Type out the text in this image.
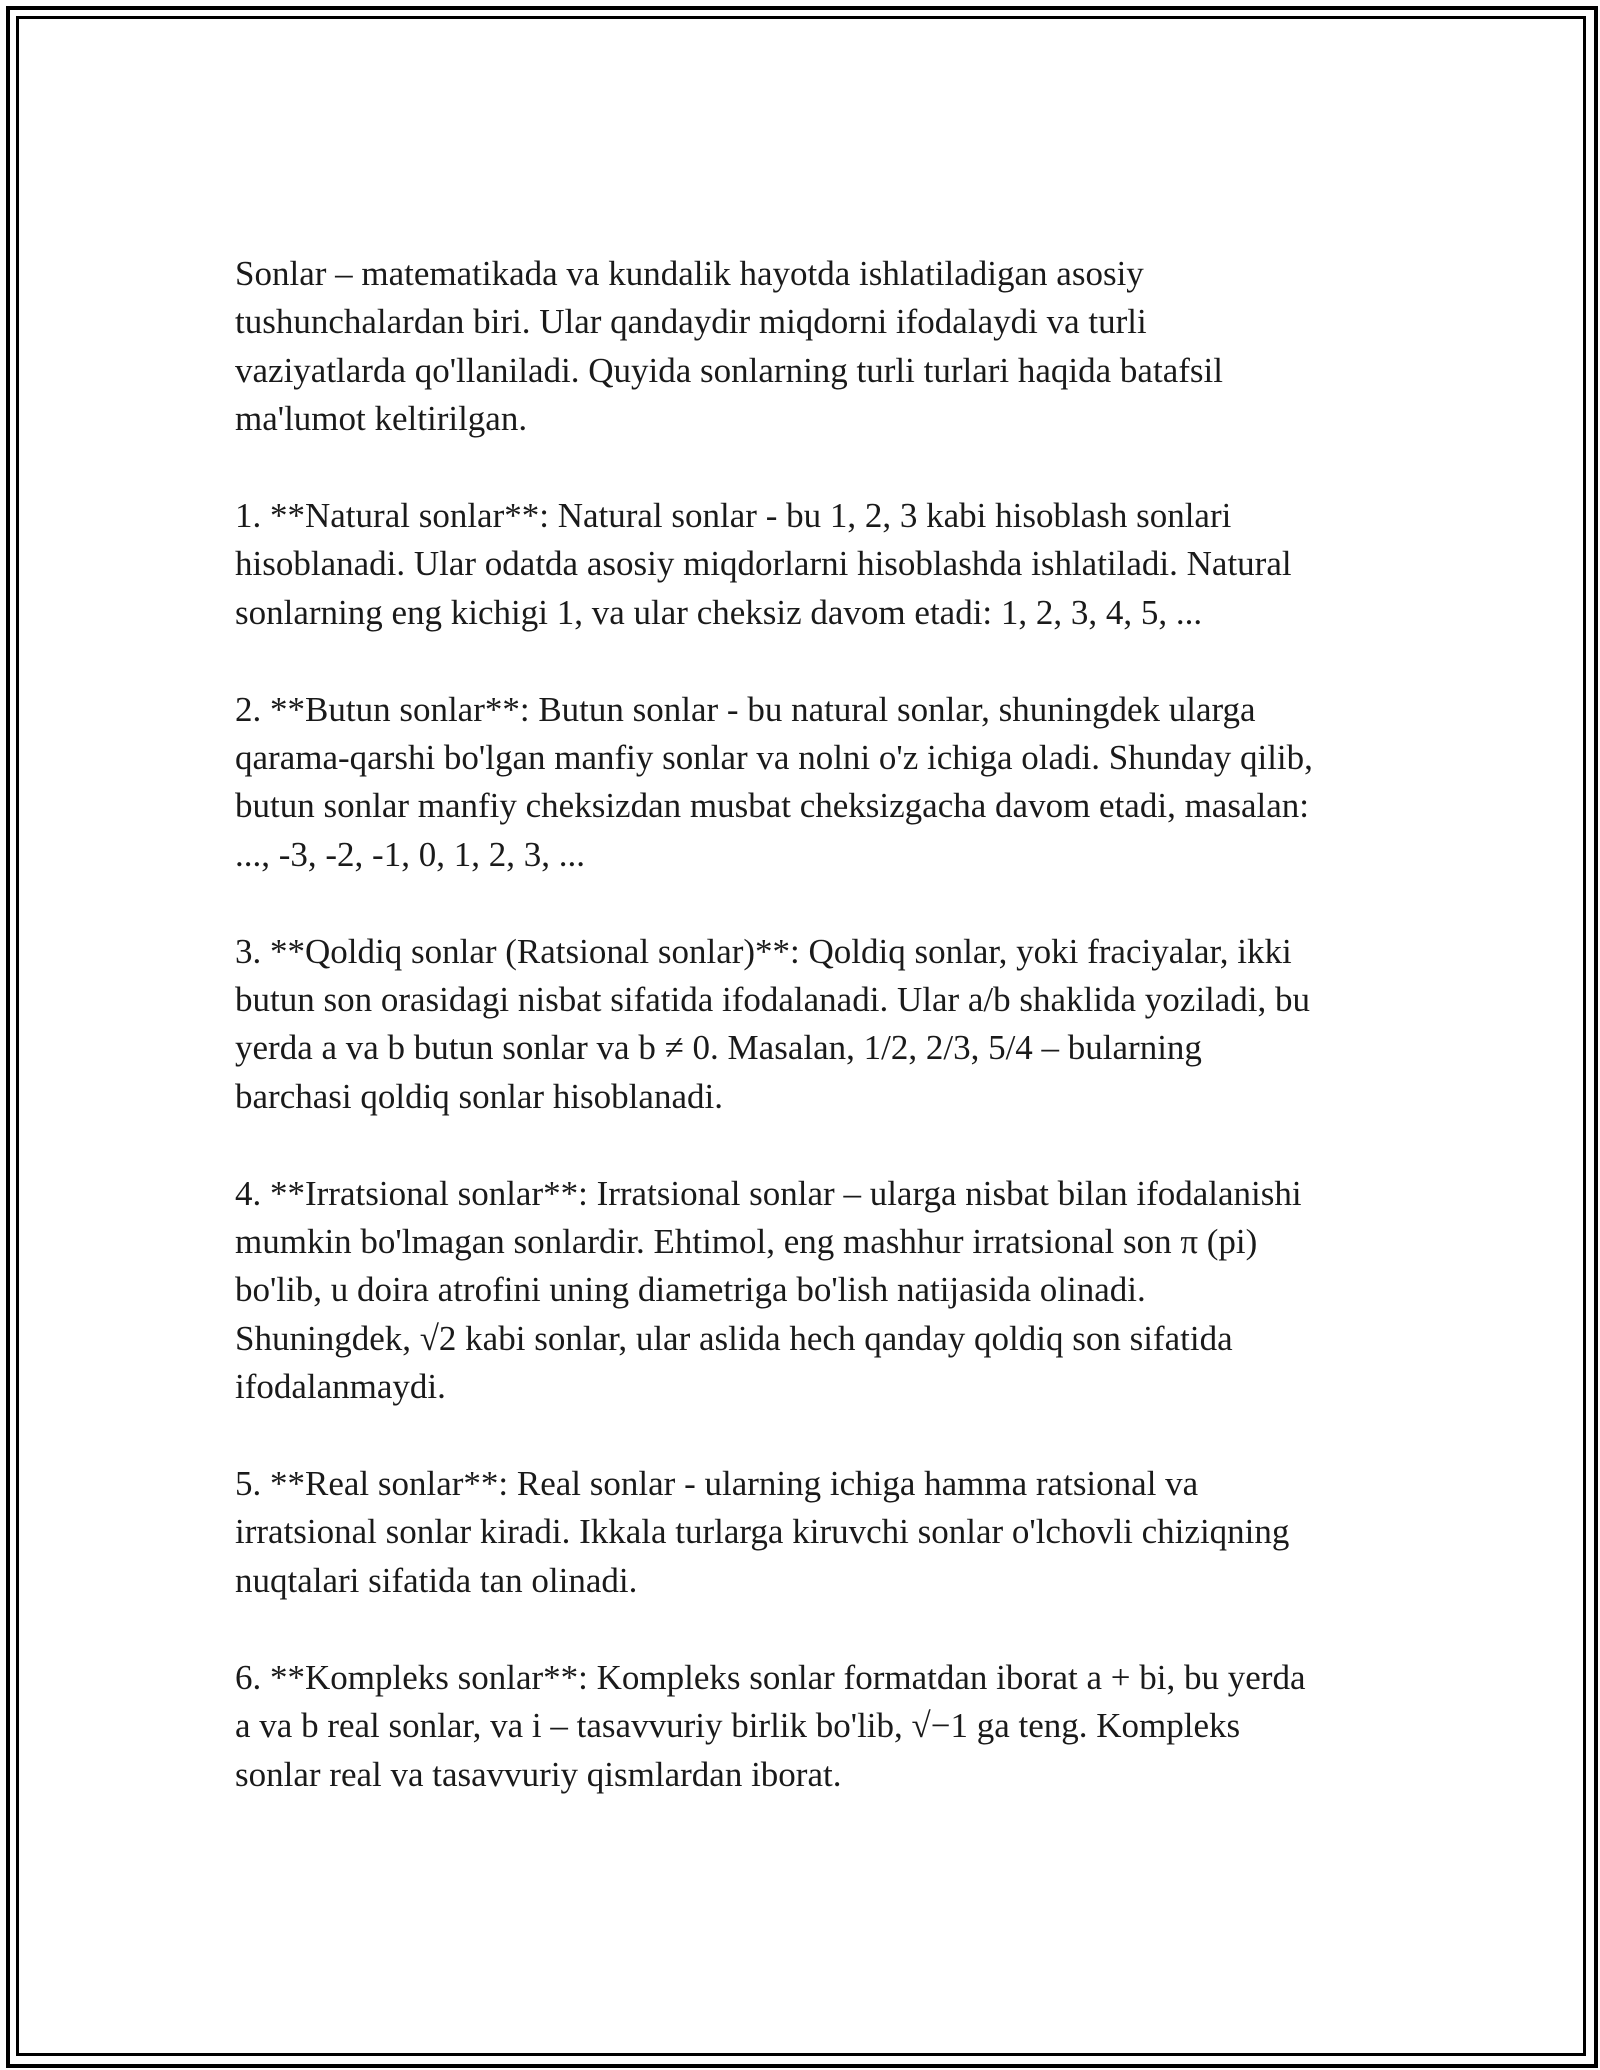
Sonlar – matematikada va kundalik hayotda ishlatiladigan asosiy
tushunchalardan biri. Ular qandaydir miqdorni ifodalaydi va turli
vaziyatlarda qo'llaniladi. Quyida sonlarning turli turlari haqida batafsil
ma'lumot keltirilgan.

1. **Natural sonlar**: Natural sonlar - bu 1, 2, 3 kabi hisoblash sonlari
hisoblanadi. Ular odatda asosiy miqdorlarni hisoblashda ishlatiladi. Natural
sonlarning eng kichigi 1, va ular cheksiz davom etadi: 1, 2, 3, 4, 5, ...

2. **Butun sonlar**: Butun sonlar - bu natural sonlar, shuningdek ularga
qarama-qarshi bo'lgan manfiy sonlar va nolni o'z ichiga oladi. Shunday qilib,
butun sonlar manfiy cheksizdan musbat cheksizgacha davom etadi, masalan:
..., -3, -2, -1, 0, 1, 2, 3, ...

3. **Qoldiq sonlar (Ratsional sonlar)**: Qoldiq sonlar, yoki fraciyalar, ikki
butun son orasidagi nisbat sifatida ifodalanadi. Ular a/b shaklida yoziladi, bu
yerda a va b butun sonlar va b ≠ 0. Masalan, 1/2, 2/3, 5/4 – bularning
barchasi qoldiq sonlar hisoblanadi.

4. **Irratsional sonlar**: Irratsional sonlar – ularga nisbat bilan ifodalanishi
mumkin bo'lmagan sonlardir. Ehtimol, eng mashhur irratsional son π (pi)
bo'lib, u doira atrofini uning diametriga bo'lish natijasida olinadi.
Shuningdek, √2 kabi sonlar, ular aslida hech qanday qoldiq son sifatida
ifodalanmaydi.

5. **Real sonlar**: Real sonlar - ularning ichiga hamma ratsional va
irratsional sonlar kiradi. Ikkala turlarga kiruvchi sonlar o'lchovli chiziqning
nuqtalari sifatida tan olinadi.

6. **Kompleks sonlar**: Kompleks sonlar formatdan iborat a + bi, bu yerda
a va b real sonlar, va i – tasavvuriy birlik bo'lib, √−1 ga teng. Kompleks
sonlar real va tasavvuriy qismlardan iborat.
